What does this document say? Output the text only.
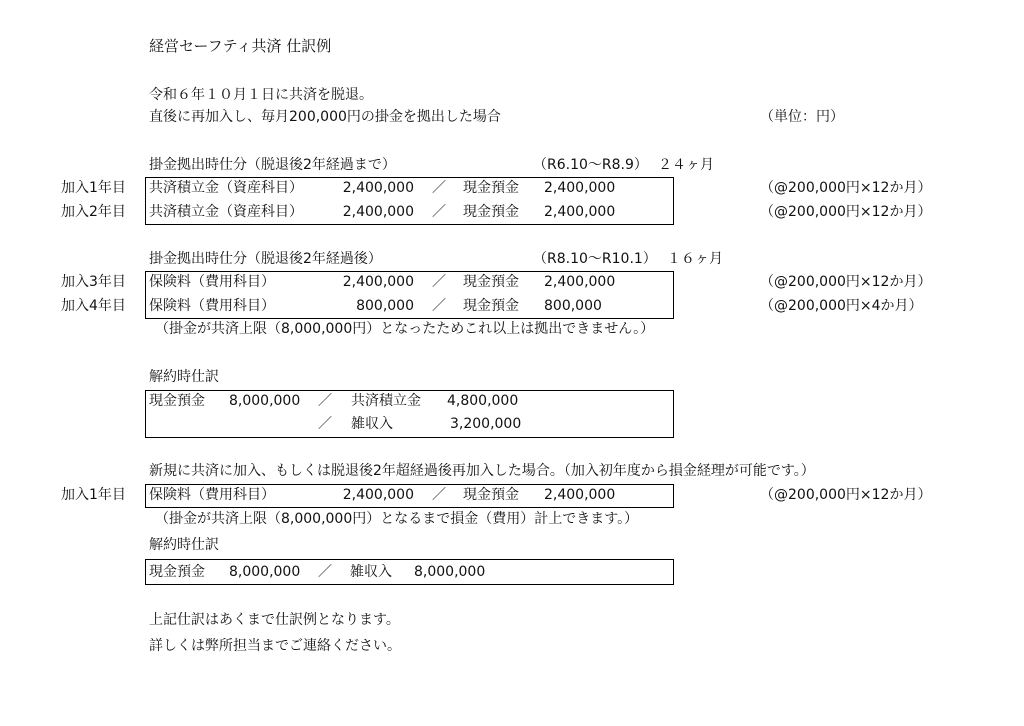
経営セーフティ共済 仕訳例
令和６年１０月１日に共済を脱退。
直後に再加入し、毎月200,000円の掛金を拠出した場合	（単位：円）
掛金拠出時仕分（脱退後2年経過まで）	（R6.10～R8.9） ２４ヶ月
加入1年目 共済積立金（資産科目）	2,400,000 ／ 現金預金 2,400,000	（@200,000円×12か月）
加入2年目 共済積立金（資産科目）	2,400,000 ／ 現金預金 2,400,000	（@200,000円×12か月）
掛金拠出時仕分（脱退後2年経過後）	（R8.10～R10.1） １６ヶ月
加入3年目 保険料（費用科目）	2,400,000 ／ 現金預金 2,400,000	（@200,000円×12か月）
加入4年目 保険料（費用科目）	800,000 ／ 現金預金 800,000	（@200,000円×4か月）
（掛金が共済上限（8,000,000円）となったためこれ以上は拠出できません。）
解約時仕訳
現金預金 8,000,000 ／ 共済積立金 4,800,000
／ 雑収入	3,200,000
新規に共済に加入、もしくは脱退後2年超経過後再加入した場合。（加入初年度から損金経理が可能です。）
加入1年目 保険料（費用科目）	2,400,000 ／ 現金預金 2,400,000	（@200,000円×12か月）
（掛金が共済上限（8,000,000円）となるまで損金（費用）計上できます。）
解約時仕訳
現金預金 8,000,000 ／ 雑収入 8,000,000
上記仕訳はあくまで仕訳例となります。
詳しくは弊所担当までご連絡ください。
